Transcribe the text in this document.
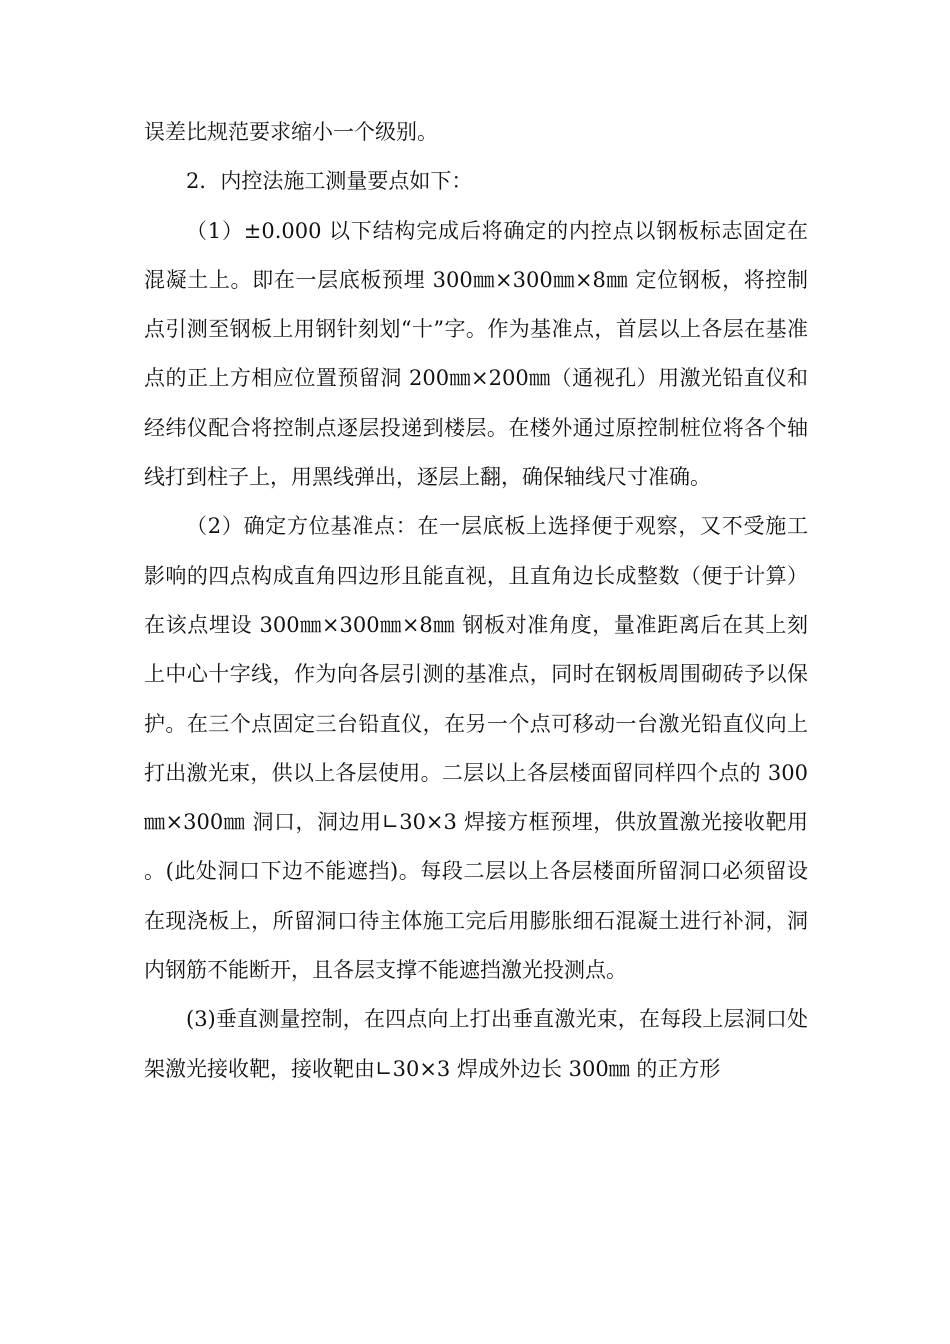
误差比规范要求缩小一个级别。

2．内控法施工测量要点如下：

（1）±0.000 以下结构完成后将确定的内控点以钢板标志固定在混凝土上。即在一层底板预埋 300㎜×300㎜×8㎜ 定位钢板，将控制点引测至钢板上用钢针刻划“十”字。作为基准点，首层以上各层在基准点的正上方相应位置预留洞 200㎜×200㎜（通视孔）用激光铅直仪和经纬仪配合将控制点逐层投递到楼层。在楼外通过原控制桩位将各个轴线打到柱子上，用黑线弹出，逐层上翻，确保轴线尺寸准确。

（2）确定方位基准点：在一层底板上选择便于观察，又不受施工影响的四点构成直角四边形且能直视，且直角边长成整数（便于计算）在该点埋设 300㎜×300㎜×8㎜ 钢板对准角度，量准距离后在其上刻上中心十字线，作为向各层引测的基准点，同时在钢板周围砌砖予以保护。在三个点固定三台铅直仪，在另一个点可移动一台激光铅直仪向上打出激光束，供以上各层使用。二层以上各层楼面留同样四个点的 300㎜×300㎜ 洞口，洞边用∟30×3 焊接方框预埋，供放置激光接收靶用。(此处洞口下边不能遮挡)。每段二层以上各层楼面所留洞口必须留设在现浇板上，所留洞口待主体施工完后用膨胀细石混凝土进行补洞，洞内钢筋不能断开，且各层支撑不能遮挡激光投测点。

(3)垂直测量控制，在四点向上打出垂直激光束，在每段上层洞口处架激光接收靶，接收靶由∟30×3 焊成外边长 300㎜ 的正方形
